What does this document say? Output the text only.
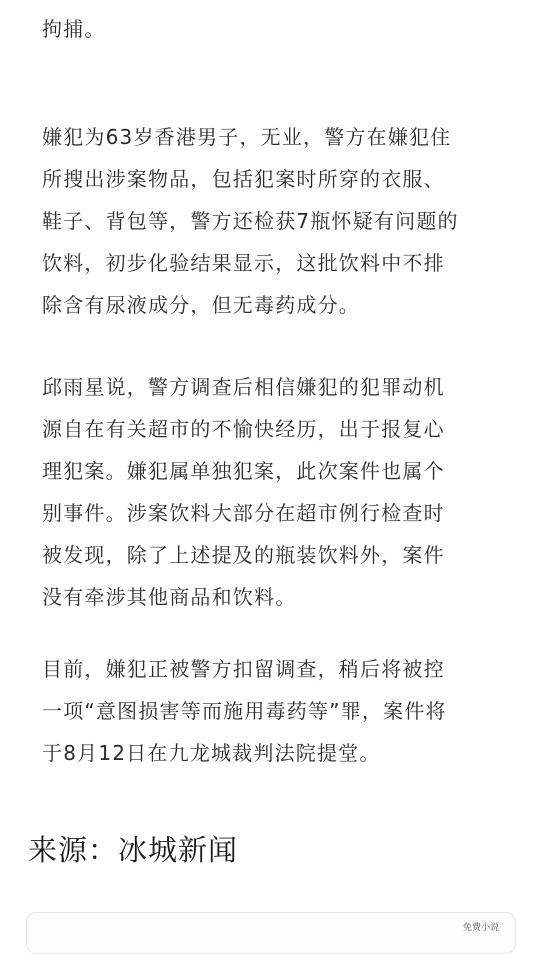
拘捕。

嫌犯为63岁香港男子，无业，警方在嫌犯住
所搜出涉案物品，包括犯案时所穿的衣服、
鞋子、背包等，警方还检获7瓶怀疑有问题的
饮料，初步化验结果显示，这批饮料中不排
除含有尿液成分，但无毒药成分。

邱雨星说，警方调查后相信嫌犯的犯罪动机
源自在有关超市的不愉快经历，出于报复心
理犯案。嫌犯属单独犯案，此次案件也属个
别事件。涉案饮料大部分在超市例行检查时
被发现，除了上述提及的瓶装饮料外，案件
没有牵涉其他商品和饮料。

目前，嫌犯正被警方扣留调查，稍后将被控
一项“意图损害等而施用毒药等”罪，案件将
于8月12日在九龙城裁判法院提堂。

来源：冰城新闻

免费小说
